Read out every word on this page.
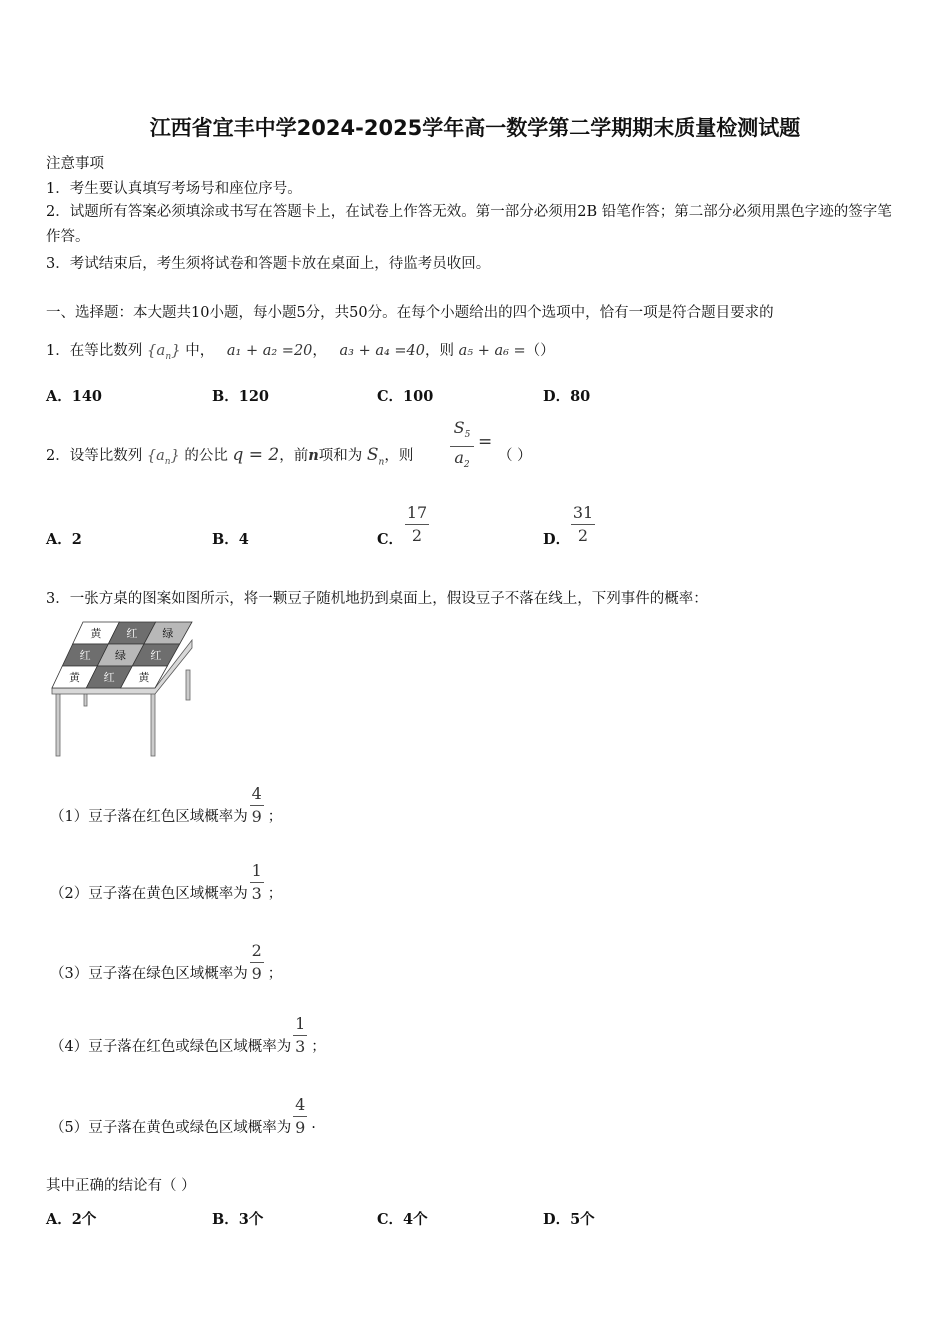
江西省宜丰中学2024-2025学年高一数学第二学期期末质量检测试题
注意事项
1．考生要认真填写考场号和座位序号。
2．试题所有答案必须填涂或书写在答题卡上，在试卷上作答无效。第一部分必须用2B 铅笔作答；第二部分必须用黑色字迹的签字笔作答。
3．考试结束后，考生须将试卷和答题卡放在桌面上，待监考员收回。
一、选择题：本大题共10小题，每小题5分，共50分。在每个小题给出的四个选项中，恰有一项是符合题目要求的
1．在等比数列 $\{a_n\}$ 中， a₁ + a₂ =20， a₃ + a₄ =40，则 a₅ + a₆ =（）
A．140	B．120	C．100	D．80
2．设等比数列 $\{a_n\}$ 的公比 q = 2，前n项和为 $S_n$，则
$S_5$
$a_2$
=
（ ）
A．2	B．4	C．
17
2	D．
31
2
3．一张方桌的图案如图所示，将一颗豆子随机地扔到桌面上，假设豆子不落在线上，下列事件的概率：
黄 红 绿
红 绿 红
黄 红 黄
（1）豆子落在红色区域概率为
4
9 ；
（2）豆子落在黄色区域概率为
1
3 ；
（3）豆子落在绿色区域概率为
2
9 ；
（4）豆子落在红色或绿色区域概率为
1
3 ；
（5）豆子落在黄色或绿色区域概率为
4
9 .
其中正确的结论有（ ）
A．2个	B．3个	C．4个	D．5个
